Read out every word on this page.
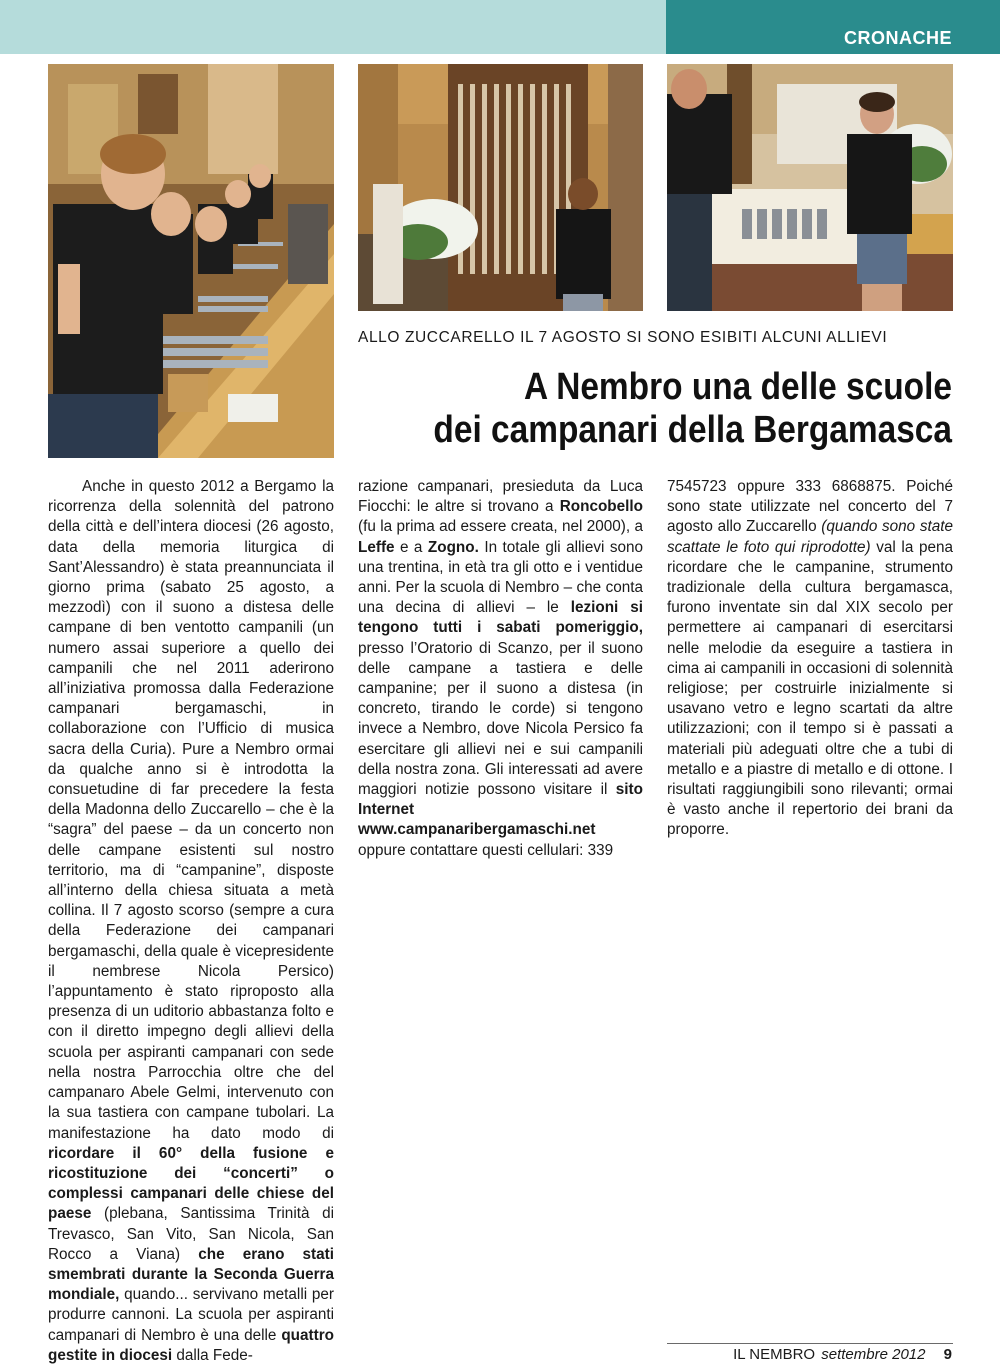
CRONACHE
ALLO ZUCCARELLO IL 7 AGOSTO SI SONO ESIBITI ALCUNI ALLIEVI
A Nembro una delle scuole
dei campanari della Bergamasca

Anche in questo 2012 a Bergamo la ricorrenza della solennità del patrono della città e dell’intera diocesi (26 agosto, data della memoria liturgica di Sant’Alessandro) è stata preannunciata il giorno prima (sabato 25 agosto, a mezzodì) con il suono a distesa delle campane di ben ventotto campanili (un numero assai superiore a quello dei campanili che nel 2011 aderirono all’iniziativa promossa dalla Federazione campanari bergamaschi, in collaborazione con l’Ufficio di musica sacra della Curia). Pure a Nembro ormai da qualche anno si è introdotta la consuetudine di far precedere la festa della Madonna dello Zuccarello – che è la “sagra” del paese – da un concerto non delle campane esistenti sul nostro territorio, ma di “campanine”, disposte all’interno della chiesa situata a metà collina. Il 7 agosto scorso (sempre a cura della Federazione dei campanari bergamaschi, della quale è vicepresidente il nembrese Nicola Persico) l’appuntamento è stato riproposto alla presenza di un uditorio abbastanza folto e con il diretto impegno degli allievi della scuola per aspiranti campanari con sede nella nostra Parrocchia oltre che del campanaro Abele Gelmi, intervenuto con la sua tastiera con campane tubolari. La manifestazione ha dato modo di ricordare il 60° della fusione e ricostituzione dei “concerti” o complessi campanari delle chiese del paese (plebana, Santissima Trinità di Trevasco, San Vito, San Nicola, San Rocco a Viana) che erano stati smembrati durante la Seconda Guerra mondiale, quando... servivano metalli per produrre cannoni. La scuola per aspiranti campanari di Nembro è una delle quattro gestite in diocesi dalla Fede-

razione campanari, presieduta da Luca Fiocchi: le altre si trovano a Roncobello (fu la prima ad essere creata, nel 2000), a Leffe e a Zogno. In totale gli allievi sono una trentina, in età tra gli otto e i ventidue anni. Per la scuola di Nembro – che conta una decina di allievi – le lezioni si tengono tutti i sabati pomeriggio, presso l’Oratorio di Scanzo, per il suono delle campane a tastiera e delle campanine; per il suono a distesa (in concreto, tirando le corde) si tengono invece a Nembro, dove Nicola Persico fa esercitare gli allievi nei e sui campanili della nostra zona. Gli interessati ad avere maggiori notizie possono visitare il sito Internet www.campanaribergamaschi.net oppure contattare questi cellulari: 339

7545723 oppure 333 6868875. Poiché sono state utilizzate nel concerto del 7 agosto allo Zuccarello (quando sono state scattate le foto qui riprodotte) val la pena ricordare che le campanine, strumento tradizionale della cultura bergamasca, furono inventate sin dal XIX secolo per permettere ai campanari di esercitarsi nelle melodie da eseguire a tastiera in cima ai campanili in occasioni di solennità religiose; per costruirle inizialmente si usavano vetro e legno scartati da altre utilizzazioni; con il tempo si è passati a materiali più adeguati oltre che a tubi di metallo e a piastre di metallo e di ottone. I risultati raggiungibili sono rilevanti; ormai è vasto anche il repertorio dei brani da proporre.

IL NEMBRO settembre 2012 9
